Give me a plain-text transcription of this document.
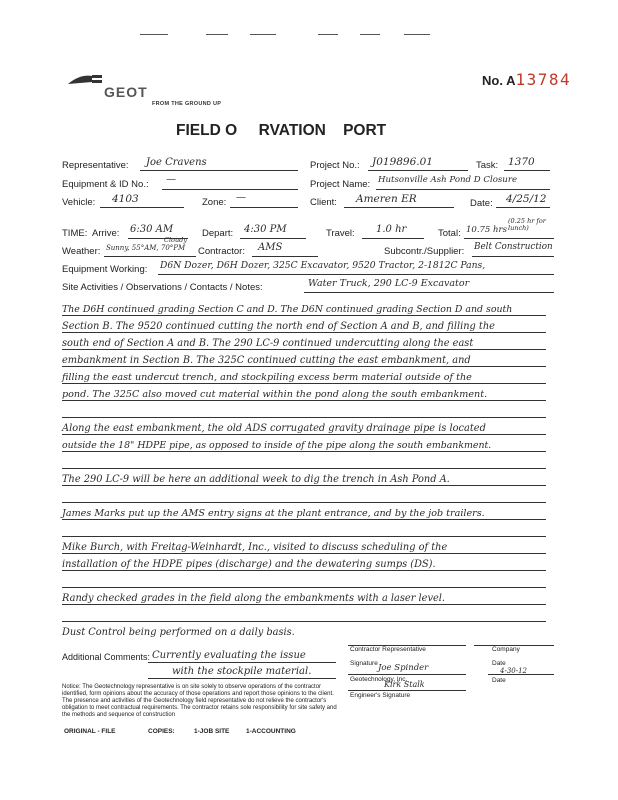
GEOT
FROM THE GROUND UP
No. A13784
FIELD O     RVATION    PORT
Representative: Joe Cravens	Project No.: J019896.01	Task: 1370
Equipment & ID No.: —	Project Name: Hutsonville Ash Pond D Closure
Vehicle: 4103	Zone: —	Client: Ameren ER	Date: 4/25/12
TIME: Arrive: 6:30 AM	Depart: 4:30 PM	Travel: 1.0 hr	Total: 10.75 hrs
(0.25 hr for lunch)
Weather: Sunny, 55°AM, 70°PM
Cloudy
Contractor: AMS	Subcontr./Supplier: Belt Construction
Equipment Working: D6N Dozer, D6H Dozer, 325C Excavator, 9520 Tractor, 2-1812C Pans,
Site Activities / Observations / Contacts / Notes:	Water Truck, 290 LC-9 Excavator
The D6H continued grading Section C and D. The D6N continued grading Section D and south
Section B. The 9520 continued cutting the north end of Section A and B, and filling the
south end of Section A and B. The 290 LC-9 continued undercutting along the east
embankment in Section B. The 325C continued cutting the east embankment, and
filling the east undercut trench, and stockpiling excess berm material outside of the
pond. The 325C also moved cut material within the pond along the south embankment.
Along the east embankment, the old ADS corrugated gravity drainage pipe is located
outside the 18" HDPE pipe, as opposed to inside of the pipe along the south embankment.
The 290 LC-9 will be here an additional week to dig the trench in Ash Pond A.
James Marks put up the AMS entry signs at the plant entrance, and by the job trailers.
Mike Burch, with Freitag-Weinhardt, Inc., visited to discuss scheduling of the
installation of the HDPE pipes (discharge) and the dewatering sumps (DS).
Randy checked grades in the field along the embankments with a laser level.
Dust Control being performed on a daily basis.
Additional Comments: Currently evaluating the issue
with the stockpile material.
Contractor Representative	Company
Signature Joe Spinder	Date
4-30-12
Geotechnology, Inc.	Date
Kirk Stalk
Engineer's Signature
Notice: The Geotechnology representative is on site solely to observe operations of the contractor identified, form opinions about the accuracy of those operations and report those opinions to the client. The presence and activities of the Geotechnology field representative do not relieve the contractor's obligation to meet contractual requirements. The contractor retains sole responsibility for site safety and the methods and sequence of construction
ORIGINAL - FILE	COPIES:	1-JOB SITE	1-ACCOUNTING
